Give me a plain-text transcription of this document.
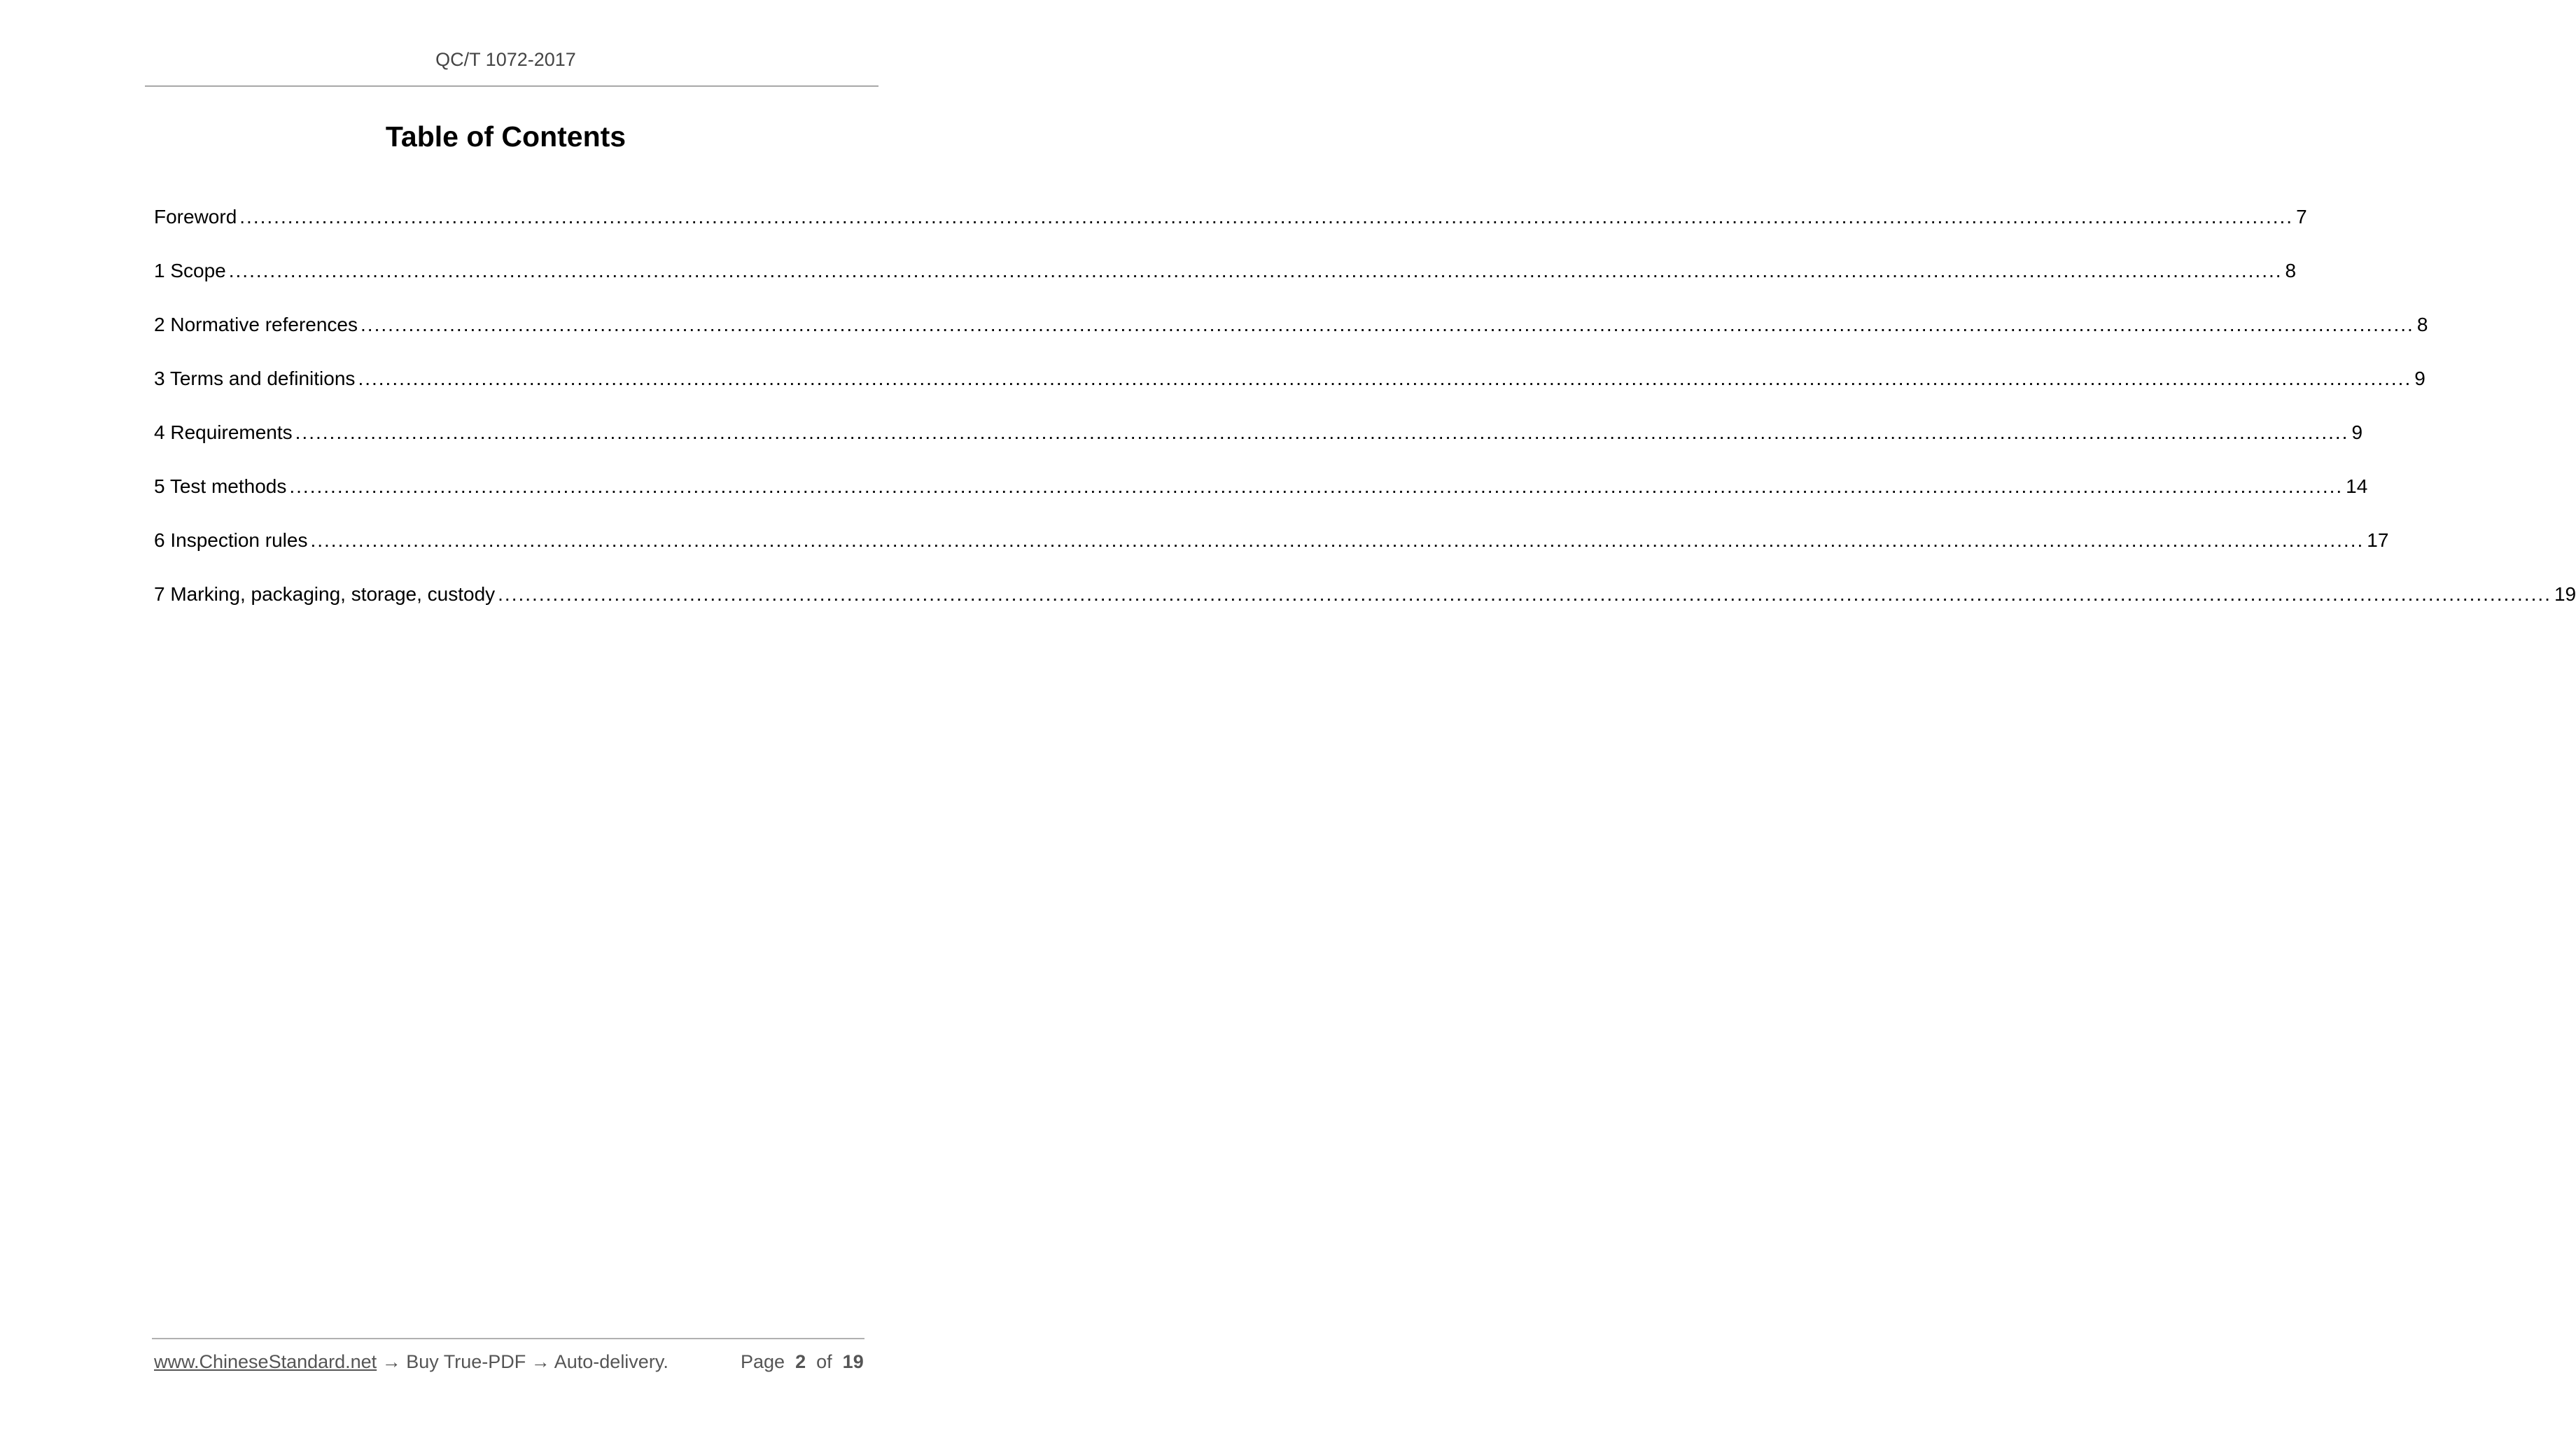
QC/T 1072-2017
Table of Contents
Foreword ............................................................................................................................................................................................................................................................................................................ 7
1 Scope ............................................................................................................................................................................................................................................................................................................ 8
2 Normative references ............................................................................................................................................................................................................................................................................................................ 8
3 Terms and definitions ............................................................................................................................................................................................................................................................................................................ 9
4 Requirements ............................................................................................................................................................................................................................................................................................................ 9
5 Test methods ............................................................................................................................................................................................................................................................................................................ 14
6 Inspection rules ............................................................................................................................................................................................................................................................................................................ 17
7 Marking, packaging, storage, custody ............................................................................................................................................................................................................................................................................................................ 19
www.ChineseStandard.net → Buy True-PDF → Auto-delivery.	Page 2 of 19
